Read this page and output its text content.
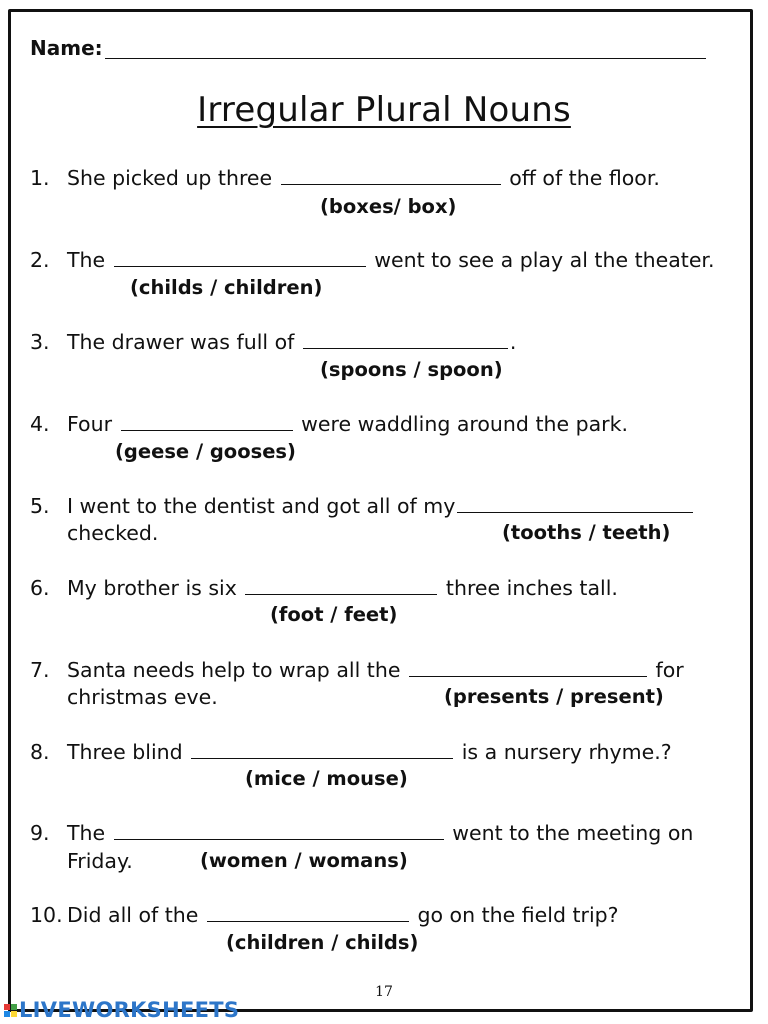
Name:
Irregular Plural Nouns
1. She picked up three	off of the floor.
(boxes/ box)
2. The	went to see a play al the theater.
(childs / children)
3. The drawer was full of	.
(spoons / spoon)
4. Four	were waddling around the park.
(geese / gooses)
5. I went to the dentist and got all of my
checked.	(tooths / teeth)
6. My brother is six	three inches tall.
(foot / feet)
7. Santa needs help to wrap all the	for
christmas eve.	(presents / present)
8. Three blind	is a nursery rhyme.?
(mice / mouse)
9. The	went to the meeting on
Friday.	(women / womans)
10. Did all of the	go on the field trip?
(children / childs)
17
LIVEWORKSHEETS
